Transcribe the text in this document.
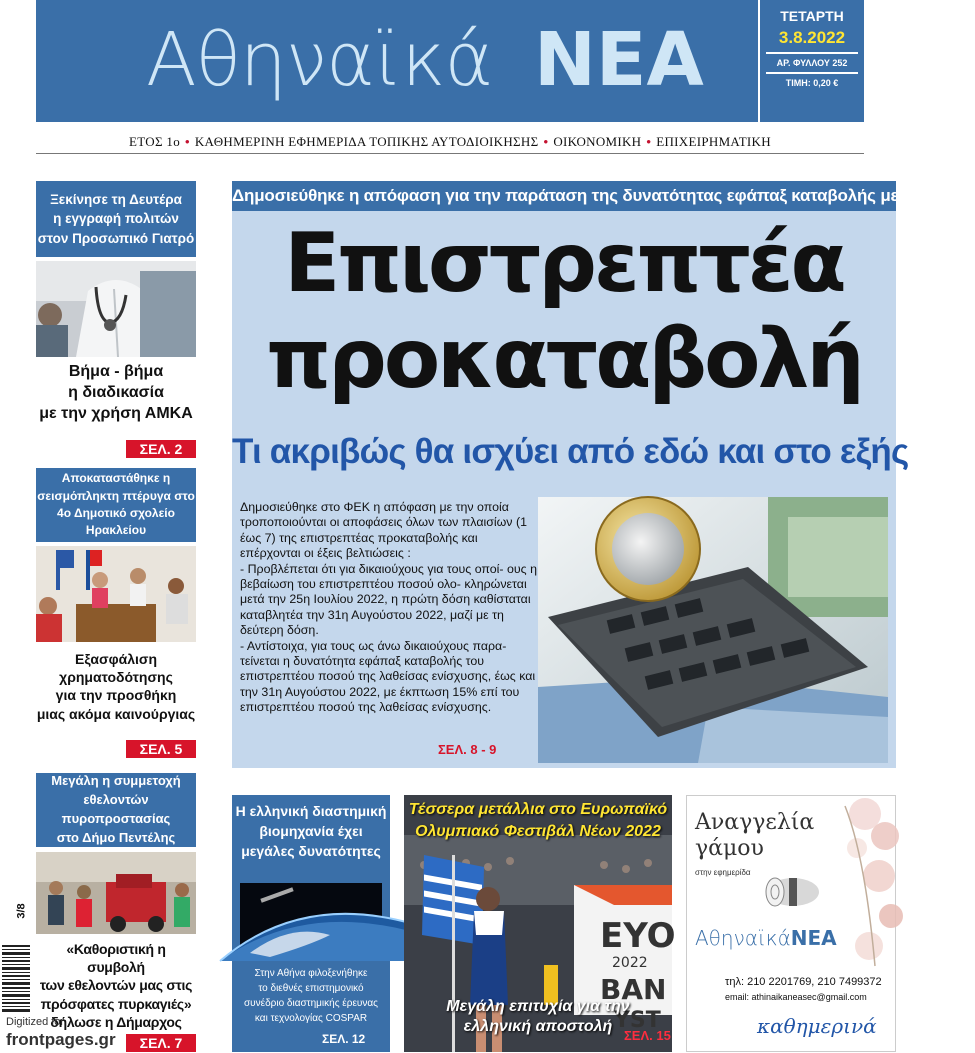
Αθηναϊκά ΝΕΑ
ΤΕΤΑΡΤΗ
3.8.2022
ΑΡ. ΦΥΛΛΟΥ 252
ΤΙΜΗ: 0,20 €
ΕΤΟΣ 1ο • ΚΑΘΗΜΕΡΙΝΗ ΕΦΗΜΕΡΙΔΑ ΤΟΠΙΚΗΣ ΑΥΤΟΔΙΟΙΚΗΣΗΣ • ΟΙΚΟΝΟΜΙΚΗ • ΕΠΙΧΕΙΡΗΜΑΤΙΚΗ
Ξεκίνησε τη Δευτέρα
η εγγραφή πολιτών
στον Προσωπικό Γιατρό
Βήμα - βήμα
η διαδικασία
με την χρήση ΑΜΚΑ
ΣΕΛ. 2
Αποκαταστάθηκε η
σεισμόπληκτη πτέρυγα στο
4ο Δημοτικό σχολείο Ηρακλείου
Εξασφάλιση
χρηματοδότησης
για την προσθήκη
μιας ακόμα καινούργιας
ΣΕΛ. 5
Μεγάλη η συμμετοχή
εθελοντών πυροπροστασίας
στο Δήμο Πεντέλης
«Καθοριστική η συμβολή
των εθελοντών μας στις
πρόσφατες πυρκαγιές»
δήλωσε η Δήμαρχος
ΣΕΛ. 7
3/8
Digitized for
frontpages.gr
Δημοσιεύθηκε η απόφαση για την παράταση της δυνατότητας εφάπαξ καταβολής με έκπτωση
Επιστρεπτέα
προκαταβολή
Τι ακριβώς θα ισχύει από εδώ και στο εξής

Δημοσιεύθηκε στο ΦΕΚ η απόφαση με την οποία τροποποιούνται οι αποφάσεις όλων των πλαισίων (1 έως 7) της επιστρεπτέας προκαταβολής και επέρχονται οι έξεις βελτιώσεις :

- Προβλέπεται ότι για δικαιούχους για τους οποί- ους η βεβαίωση του επιστρεπτέου ποσού ολο- κληρώνεται μετά την 25η Ιουλίου 2022, η πρώτη δόση καθίσταται καταβλητέα την 31η Αυγούστου 2022, μαζί με τη δεύτερη δόση.

- Αντίστοιχα, για τους ως άνω δικαιούχους παρα- τείνεται η δυνατότητα εφάπαξ καταβολής του επιστρεπτέου ποσού της λαθείσας ενίσχυσης, έως και την 31η Αυγούστου 2022, με έκπτωση 15% επί του επιστρεπτέου ποσού της λαθείσας ενίσχυσης.

ΣΕΛ. 8 - 9
Η ελληνική διαστημική
βιομηχανία έχει
μεγάλες δυνατότητες
Στην Αθήνα φιλοξενήθηκε
το διεθνές επιστημονικό
συνέδριο διαστημικής έρευνας
και τεχνολογίας COSPAR
ΣΕΛ. 12
EYO
2022
BAN
YST
Τέσσερα μετάλλια στο Ευρωπαϊκό
Ολυμπιακό Φεστιβάλ Νέων 2022
Μεγάλη επιτυχία για την
ελληνική αποστολή
ΣΕΛ. 15
Αναγγελία
γάμου
στην εφημερίδα
ΑθηναϊκάΝΕΑ
τηλ: 210 2201769, 210 7499372
email: athinaikaneasec@gmail.com
καθημερινά
